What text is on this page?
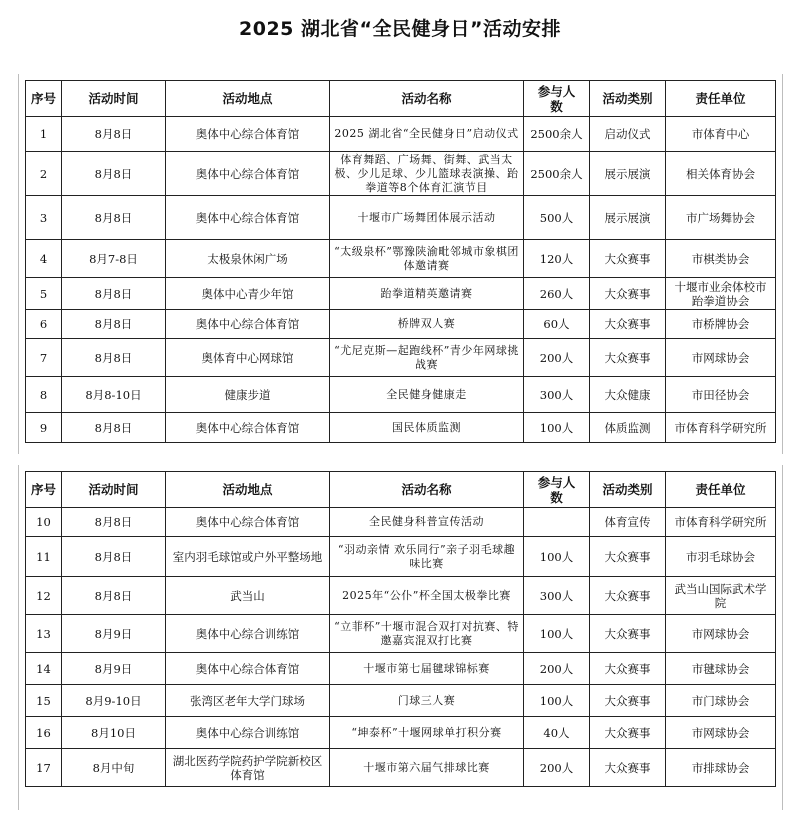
2025 湖北省“全民健身日”活动安排
序号	活动时间	活动地点	活动名称	参与人数	活动类别	责任单位
1	8月8日	奥体中心综合体育馆	2025 湖北省“全民健身日”启动仪式	2500余人	启动仪式	市体育中心
2	8月8日	奥体中心综合体育馆	体育舞蹈、广场舞、街舞、武当太极、少儿足球、少儿篮球表演操、跆拳道等8个体育汇演节目	2500余人	展示展演	相关体育协会
3	8月8日	奥体中心综合体育馆	十堰市广场舞团体展示活动	500人	展示展演	市广场舞协会
4	8月7-8日	太极泉休闲广场	“太级泉杯”鄂豫陕渝毗邻城市象棋团体邀请赛	120人	大众赛事	市棋类协会
5	8月8日	奥体中心青少年馆	跆拳道精英邀请赛	260人	大众赛事	十堰市业余体校市跆拳道协会
6	8月8日	奥体中心综合体育馆	桥牌双人赛	60人	大众赛事	市桥牌协会
7	8月8日	奥体育中心网球馆	“尤尼克斯—起跑线杯”青少年网球挑战赛	200人	大众赛事	市网球协会
8	8月8-10日	健康步道	全民健身健康走	300人	大众健康	市田径协会
9	8月8日	奥体中心综合体育馆	国民体质监测	100人	体质监测	市体育科学研究所
序号	活动时间	活动地点	活动名称	参与人数	活动类别	责任单位
10	8月8日	奥体中心综合体育馆	全民健身科普宣传活动		体育宣传	市体育科学研究所
11	8月8日	室内羽毛球馆或户外平整场地	“羽动亲情 欢乐同行”亲子羽毛球趣味比赛	100人	大众赛事	市羽毛球协会
12	8月8日	武当山	2025年“公仆”杯全国太极拳比赛	300人	大众赛事	武当山国际武术学院
13	8月9日	奥体中心综合训练馆	“立菲杯”十堰市混合双打对抗赛、特邀嘉宾混双打比赛	100人	大众赛事	市网球协会
14	8月9日	奥体中心综合体育馆	十堰市第七届毽球锦标赛	200人	大众赛事	市毽球协会
15	8月9-10日	张湾区老年大学门球场	门球三人赛	100人	大众赛事	市门球协会
16	8月10日	奥体中心综合训练馆	“坤泰杯”十堰网球单打积分赛	40人	大众赛事	市网球协会
17	8月中旬	湖北医药学院药护学院新校区体育馆	十堰市第六届气排球比赛	200人	大众赛事	市排球协会
